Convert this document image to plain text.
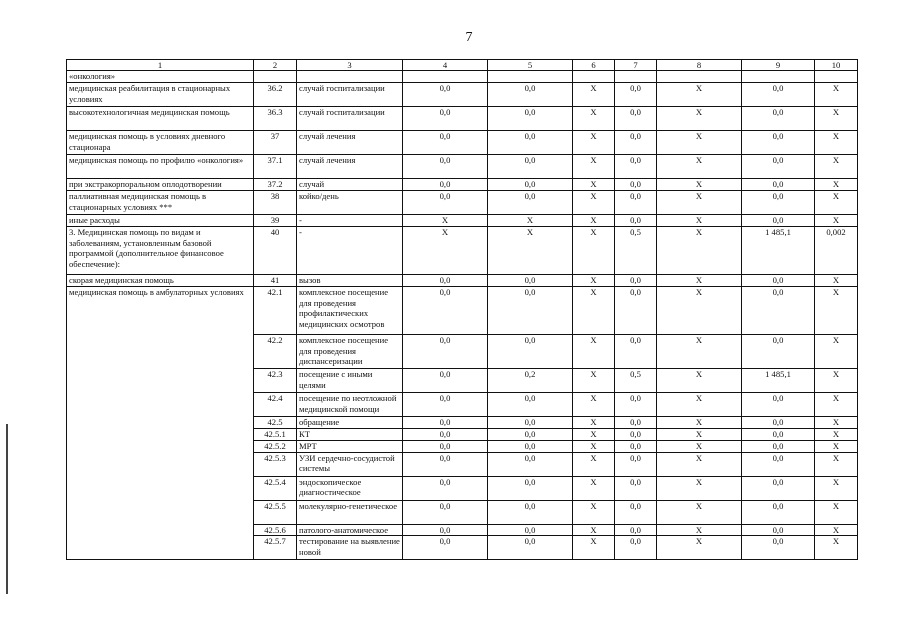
7
1	2	3	4	5	6	7	8	9	10
«онкология»									
медицинская реабилитация в стационарных условиях	36.2	случай госпитализации	0,0	0,0	X	0,0	X	0,0	X
высокотехнологичная медицинская помощь	36.3	случай госпитализации	0,0	0,0	X	0,0	X	0,0	X
медицинская помощь в условиях дневного стационара	37	случай лечения	0,0	0,0	X	0,0	X	0,0	X
медицинская помощь по профилю «онкология»	37.1	случай лечения	0,0	0,0	X	0,0	X	0,0	X
при экстракорпоральном оплодотворении	37.2	случай	0,0	0,0	X	0,0	X	0,0	X
паллиативная медицинская помощь в стационарных условиях ***	38	койко/день	0,0	0,0	X	0,0	X	0,0	X
иные расходы	39	-	X	X	X	0,0	X	0,0	X
3. Медицинская помощь по видам и заболеваниям, установленным базовой программой (дополнительное финансовое обеспечение):	40	-	X	X	X	0,5	X	1 485,1	0,002
скорая медицинская помощь	41	вызов	0,0	0,0	X	0,0	X	0,0	X
медицинская помощь в амбулаторных условиях	42.1	комплексное посещение для проведения профилактических медицинских осмотров	0,0	0,0	X	0,0	X	0,0	X
	42.2	комплексное посещение для проведения диспансеризации	0,0	0,0	X	0,0	X	0,0	X
	42.3	посещение с иными целями	0,0	0,2	X	0,5	X	1 485,1	X
	42.4	посещение по неотложной медицинской помощи	0,0	0,0	X	0,0	X	0,0	X
	42.5	обращение	0,0	0,0	X	0,0	X	0,0	X
	42.5.1	КТ	0,0	0,0	X	0,0	X	0,0	X
	42.5.2	МРТ	0,0	0,0	X	0,0	X	0,0	X
	42.5.3	УЗИ сердечно-сосудистой системы	0,0	0,0	X	0,0	X	0,0	X
	42.5.4	эндоскопическое диагностическое	0,0	0,0	X	0,0	X	0,0	X
	42.5.5	молекулярно-генетическое	0,0	0,0	X	0,0	X	0,0	X
	42.5.6	патолого-анатомическое	0,0	0,0	X	0,0	X	0,0	X
	42.5.7	тестирование на выявление новой	0,0	0,0	X	0,0	X	0,0	X
